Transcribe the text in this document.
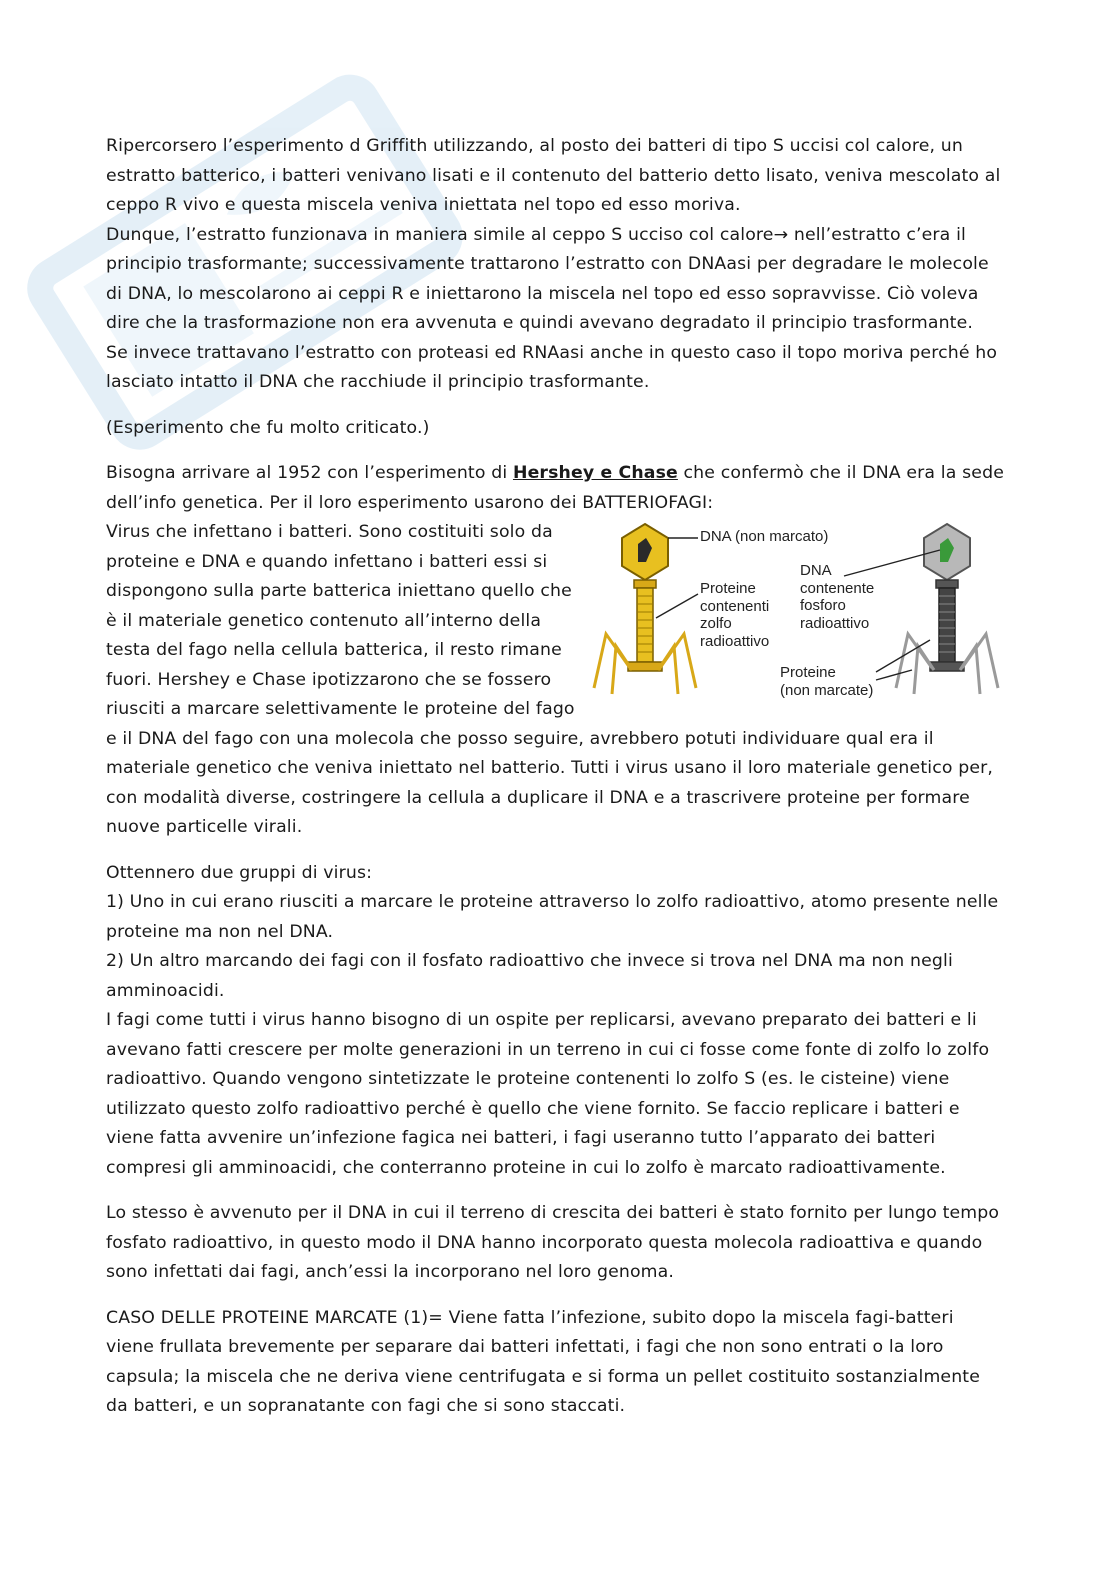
Ripercorsero l’esperimento d Griffith utilizzando, al posto dei batteri di tipo S uccisi col calore, un estratto batterico, i batteri venivano lisati e il contenuto del batterio detto lisato, veniva mescolato al ceppo R vivo e questa miscela veniva iniettata nel topo ed esso moriva.
Dunque, l’estratto funzionava in maniera simile al ceppo S ucciso col calore→ nell’estratto c’era il principio trasformante; successivamente trattarono l’estratto con DNAasi per degradare le molecole di DNA, lo mescolarono ai ceppi R e iniettarono la miscela nel topo ed esso sopravvisse. Ciò voleva dire che la trasformazione non era avvenuta e quindi avevano degradato il principio trasformante.
Se invece trattavano l’estratto con proteasi ed RNAasi anche in questo caso il topo moriva perché ho lasciato intatto il DNA che racchiude il principio trasformante.

(Esperimento che fu molto criticato.)

Bisogna arrivare al 1952 con l’esperimento di Hershey e Chase che confermò che il DNA era la sede dell’info genetica. Per il loro esperimento usarono dei BATTERIOFAGI:

DNA (non marcato)
Proteine
contenenti
zolfo
radioattivo
DNA
contenente
fosforo
radioattivo
Proteine
(non marcate)

Virus che infettano i batteri. Sono costituiti solo da proteine e DNA e quando infettano i batteri essi si dispongono sulla parte batterica iniettano quello che è il materiale genetico contenuto all’interno della testa del fago nella cellula batterica, il resto rimane fuori. Hershey e Chase ipotizzarono che se fossero riusciti a marcare selettivamente le proteine del fago e il DNA del fago con una molecola che posso seguire, avrebbero potuti individuare qual era il materiale genetico che veniva iniettato nel batterio. Tutti i virus usano il loro materiale genetico per, con modalità diverse, costringere la cellula a duplicare il DNA e a trascrivere proteine per formare nuove particelle virali.

Ottennero due gruppi di virus:
1) Uno in cui erano riusciti a marcare le proteine attraverso lo zolfo radioattivo, atomo presente nelle proteine ma non nel DNA.
2) Un altro marcando dei fagi con il fosfato radioattivo che invece si trova nel DNA ma non negli amminoacidi.
I fagi come tutti i virus hanno bisogno di un ospite per replicarsi, avevano preparato dei batteri e li avevano fatti crescere per molte generazioni in un terreno in cui ci fosse come fonte di zolfo lo zolfo radioattivo. Quando vengono sintetizzate le proteine contenenti lo zolfo S (es. le cisteine) viene utilizzato questo zolfo radioattivo perché è quello che viene fornito. Se faccio replicare i batteri e viene fatta avvenire un’infezione fagica nei batteri, i fagi useranno tutto l’apparato dei batteri compresi gli amminoacidi, che conterranno proteine in cui lo zolfo è marcato radioattivamente.

Lo stesso è avvenuto per il DNA in cui il terreno di crescita dei batteri è stato fornito per lungo tempo fosfato radioattivo, in questo modo il DNA hanno incorporato questa molecola radioattiva e quando sono infettati dai fagi, anch’essi la incorporano nel loro genoma.

CASO DELLE PROTEINE MARCATE (1)= Viene fatta l’infezione, subito dopo la miscela fagi-batteri viene frullata brevemente per separare dai batteri infettati, i fagi che non sono entrati o la loro capsula; la miscela che ne deriva viene centrifugata e si forma un pellet costituito sostanzialmente da batteri, e un sopranatante con fagi che si sono staccati.
